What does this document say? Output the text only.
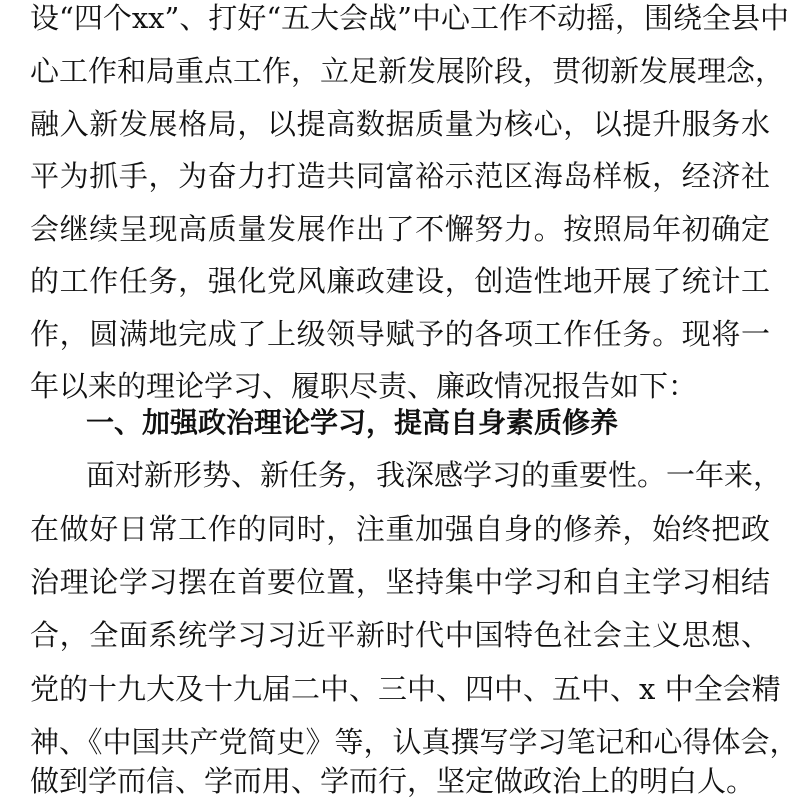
设“四个xx”、打好“五大会战”中心工作不动摇，围绕全县中

心工作和局重点工作，立足新发展阶段，贯彻新发展理念，

融入新发展格局，以提高数据质量为核心，以提升服务水

平为抓手，为奋力打造共同富裕示范区海岛样板，经济社

会继续呈现高质量发展作出了不懈努力。按照局年初确定

的工作任务，强化党风廉政建设，创造性地开展了统计工

作，圆满地完成了上级领导赋予的各项工作任务。现将一

年以来的理论学习、履职尽责、廉政情况报告如下：

一、加强政治理论学习，提高自身素质修养

面对新形势、新任务，我深感学习的重要性。一年来，

在做好日常工作的同时，注重加强自身的修养，始终把政

治理论学习摆在首要位置，坚持集中学习和自主学习相结

合，全面系统学习习近平新时代中国特色社会主义思想、

党的十九大及十九届二中、三中、四中、五中、x 中全会精

神、《中国共产党简史》等，认真撰写学习笔记和心得体会，

做到学而信、学而用、学而行，坚定做政治上的明白人。
